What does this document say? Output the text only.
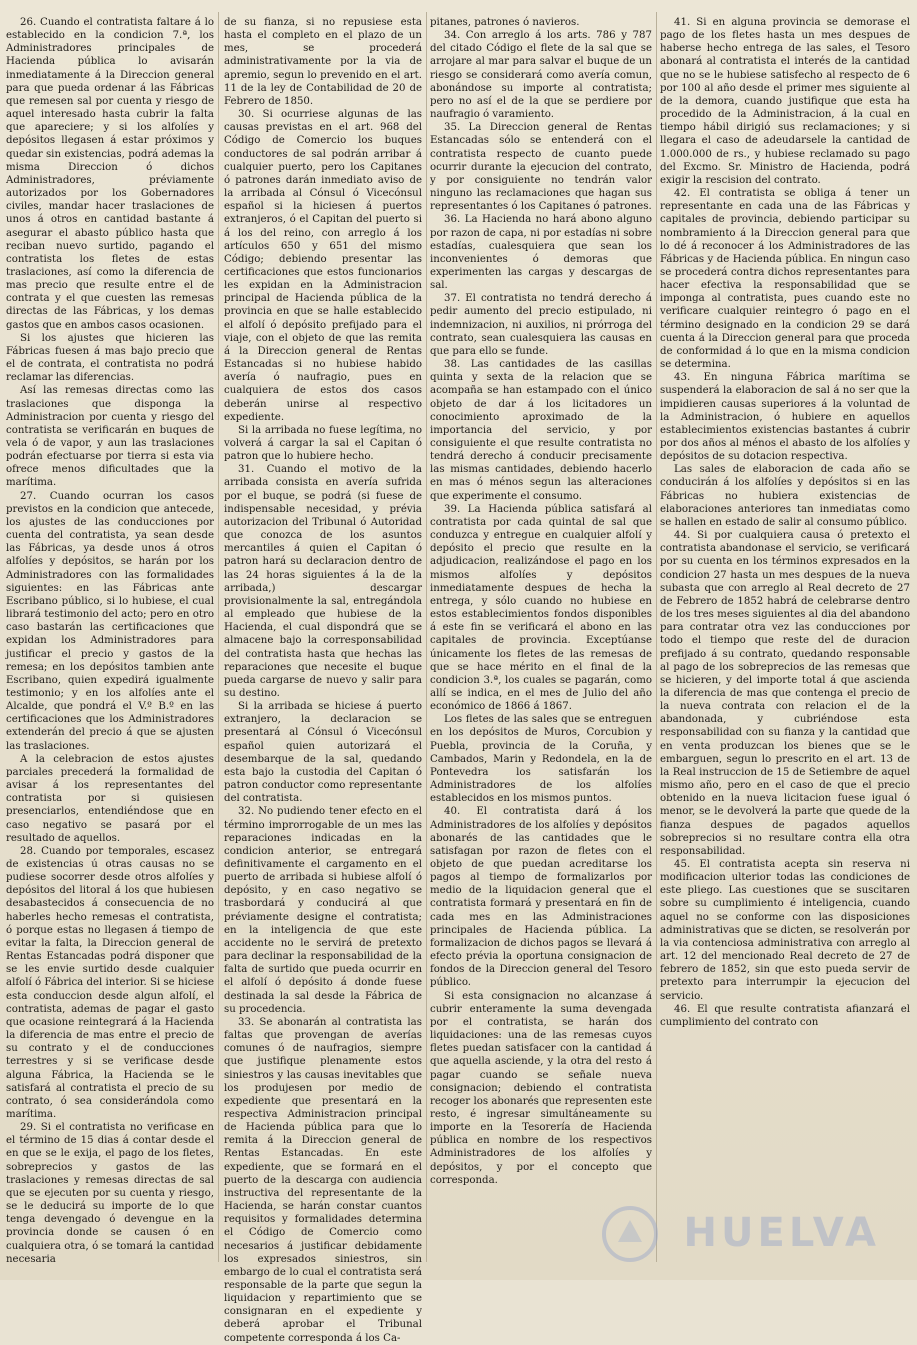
26. Cuando el contratista faltare á lo establecido en la condicion 7.ª, los Administradores principales de Hacienda pública lo avisarán inmediatamente á la Direccion general para que pueda ordenar á las Fábricas que remesen sal por cuenta y riesgo de aquel interesado hasta cubrir la falta que apareciere; y si los alfolíes y depósitos llegasen á estar próximos y quedar sin existencias, podrá ademas la misma Direccion ó dichos Administradores, préviamente autorizados por los Gobernadores civiles, mandar hacer traslaciones de unos á otros en cantidad bastante á asegurar el abasto público hasta que reciban nuevo surtido, pagando el contratista los fletes de estas traslaciones, así como la diferencia de mas precio que resulte entre el de contrata y el que cuesten las remesas directas de las Fábricas, y los demas gastos que en ambos casos ocasionen.

Si los ajustes que hicieren las Fábricas fuesen á mas bajo precio que el de contrata, el contratista no podrá reclamar las diferencias.

Así las remesas directas como las traslaciones que disponga la Administracion por cuenta y riesgo del contratista se verificarán en buques de vela ó de vapor, y aun las traslaciones podrán efectuarse por tierra si esta via ofrece menos dificultades que la marítima.

27. Cuando ocurran los casos previstos en la condicion que antecede, los ajustes de las conducciones por cuenta del contratista, ya sean desde las Fábricas, ya desde unos á otros alfolíes y depósitos, se harán por los Administradores con las formalidades siguientes: en las Fábricas ante Escribano público, si lo hubiese, el cual librará testimonio del acto; pero en otro caso bastarán las certificaciones que expidan los Administradores para justificar el precio y gastos de la remesa; en los depósitos tambien ante Escribano, quien expedirá igualmente testimonio; y en los alfolíes ante el Alcalde, que pondrá el V.º B.º en las certificaciones que los Administradores extenderán del precio á que se ajusten las traslaciones.

A la celebracion de estos ajustes parciales precederá la formalidad de avisar á los representantes del contratista por si quisiesen presenciarlos, entendiéndose que en caso negativo se pasará por el resultado de aquellos.

28. Cuando por temporales, escasez de existencias ú otras causas no se pudiese socorrer desde otros alfolíes y depósitos del litoral á los que hubiesen desabastecidos á consecuencia de no haberles hecho remesas el contratista, ó porque estas no llegasen á tiempo de evitar la falta, la Direccion general de Rentas Estancadas podrá disponer que se les envie surtido desde cualquier alfolí ó Fábrica del interior. Si se hiciese esta conduccion desde algun alfolí, el contratista, ademas de pagar el gasto que ocasione reintegrará á la Hacienda la diferencia de mas entre el precio de su contrato y el de conducciones terrestres y si se verificase desde alguna Fábrica, la Hacienda se le satisfará al contratista el precio de su contrato, ó sea considerándola como marítima.

29. Si el contratista no verificase en el término de 15 dias á contar desde el en que se le exija, el pago de los fletes, sobreprecios y gastos de las traslaciones y remesas directas de sal que se ejecuten por su cuenta y riesgo, se le deducirá su importe de lo que tenga devengado ó devengue en la provincia donde se causen ó en cualquiera otra, ó se tomará la cantidad necesaria

de su fianza, si no repusiese esta hasta el completo en el plazo de un mes, se procederá administrativamente por la via de apremio, segun lo prevenido en el art. 11 de la ley de Contabilidad de 20 de Febrero de 1850.

30. Si ocurriese algunas de las causas previstas en el art. 968 del Código de Comercio los buques conductores de sal podrán arribar á cualquier puerto, pero los Capitanes ó patrones darán inmediato aviso de la arribada al Cónsul ó Vicecónsul español si la hiciesen á puertos extranjeros, ó el Capitan del puerto si á los del reino, con arreglo á los artículos 650 y 651 del mismo Código; debiendo presentar las certificaciones que estos funcionarios les expidan en la Administracion principal de Hacienda pública de la provincia en que se halle establecido el alfolí ó depósito prefijado para el viaje, con el objeto de que las remita á la Direccion general de Rentas Estancadas si no hubiese habido avería ó naufragio, pues en cualquiera de estos dos casos deberán unirse al respectivo expediente.

Si la arribada no fuese legítima, no volverá á cargar la sal el Capitan ó patron que lo hubiere hecho.

31. Cuando el motivo de la arribada consista en avería sufrida por el buque, se podrá (si fuese de indispensable necesidad, y prévia autorizacion del Tribunal ó Autoridad que conozca de los asuntos mercantiles á quien el Capitan ó patron hará su declaracion dentro de las 24 horas siguientes á la de la arribada,) descargar provisionalmente la sal, entregándola al empleado que hubiese de la Hacienda, el cual dispondrá que se almacene bajo la corresponsabilidad del contratista hasta que hechas las reparaciones que necesite el buque pueda cargarse de nuevo y salir para su destino.

Si la arribada se hiciese á puerto extranjero, la declaracion se presentará al Cónsul ó Vicecónsul español quien autorizará el desembarque de la sal, quedando esta bajo la custodia del Capitan ó patron conductor como representante del contratista.

32. No pudiendo tener efecto en el término improrrogable de un mes las reparaciones indicadas en la condicion anterior, se entregará definitivamente el cargamento en el puerto de arribada si hubiese alfolí ó depósito, y en caso negativo se trasbordará y conducirá al que préviamente designe el contratista; en la inteligencia de que este accidente no le servirá de pretexto para declinar la responsabilidad de la falta de surtido que pueda ocurrir en el alfolí ó depósito á donde fuese destinada la sal desde la Fábrica de su procedencia.

33. Se abonarán al contratista las faltas que provengan de averías comunes ó de naufragios, siempre que justifique plenamente estos siniestros y las causas inevitables que los produjesen por medio de expediente que presentará en la respectiva Administracion principal de Hacienda pública para que lo remita á la Direccion general de Rentas Estancadas. En este expediente, que se formará en el puerto de la descarga con audiencia instructiva del representante de la Hacienda, se harán constar cuantos requisitos y formalidades determina el Código de Comercio como necesarios á justificar debidamente los expresados siniestros, sin embargo de lo cual el contratista será responsable de la parte que segun la liquidacion y repartimiento que se consignaran en el expediente y deberá aprobar el Tribunal competente corresponda á los Ca-

pitanes, patrones ó navieros.

34. Con arreglo á los arts. 786 y 787 del citado Código el flete de la sal que se arrojare al mar para salvar el buque de un riesgo se considerará como avería comun, abonándose su importe al contratista; pero no así el de la que se perdiere por naufragio ó varamiento.

35. La Direccion general de Rentas Estancadas sólo se entenderá con el contratista respecto de cuanto puede ocurrir durante la ejecucion del contrato, y por consiguiente no tendrán valor ninguno las reclamaciones que hagan sus representantes ó los Capitanes ó patrones.

36. La Hacienda no hará abono alguno por razon de capa, ni por estadías ni sobre estadías, cualesquiera que sean los inconvenientes ó demoras que experimenten las cargas y descargas de sal.

37. El contratista no tendrá derecho á pedir aumento del precio estipulado, ni indemnizacion, ni auxilios, ni prórroga del contrato, sean cualesquiera las causas en que para ello se funde.

38. Las cantidades de las casillas quinta y sexta de la relacion que se acompaña se han estampado con el único objeto de dar á los licitadores un conocimiento aproximado de la importancia del servicio, y por consiguiente el que resulte contratista no tendrá derecho á conducir precisamente las mismas cantidades, debiendo hacerlo en mas ó ménos segun las alteraciones que experimente el consumo.

39. La Hacienda pública satisfará al contratista por cada quintal de sal que conduzca y entregue en cualquier alfolí y depósito el precio que resulte en la adjudicacion, realizándose el pago en los mismos alfolíes y depósitos inmediatamente despues de hecha la entrega, y sólo cuando no hubiese en estos establecimientos fondos disponibles á este fin se verificará el abono en las capitales de provincia. Exceptúanse únicamente los fletes de las remesas de que se hace mérito en el final de la condicion 3.ª, los cuales se pagarán, como allí se indica, en el mes de Julio del año económico de 1866 á 1867.

Los fletes de las sales que se entreguen en los depósitos de Muros, Corcubion y Puebla, provincia de la Coruña, y Cambados, Marin y Redondela, en la de Pontevedra los satisfarán los Administradores de los alfolíes establecidos en los mismos puntos.

40. El contratista dará á los Administradores de los alfolíes y depósitos abonarés de las cantidades que le satisfagan por razon de fletes con el objeto de que puedan acreditarse los pagos al tiempo de formalizarlos por medio de la liquidacion general que el contratista formará y presentará en fin de cada mes en las Administraciones principales de Hacienda pública. La formalizacion de dichos pagos se llevará á efecto prévia la oportuna consignacion de fondos de la Direccion general del Tesoro público.

Si esta consignacion no alcanzase á cubrir enteramente la suma devengada por el contratista, se harán dos liquidaciones: una de las remesas cuyos fletes puedan satisfacer con la cantidad á que aquella asciende, y la otra del resto á pagar cuando se señale nueva consignacion; debiendo el contratista recoger los abonarés que representen este resto, é ingresar simultáneamente su importe en la Tesorería de Hacienda pública en nombre de los respectivos Administradores de los alfolíes y depósitos, y por el concepto que corresponda.

41. Si en alguna provincia se demorase el pago de los fletes hasta un mes despues de haberse hecho entrega de las sales, el Tesoro abonará al contratista el interés de la cantidad que no se le hubiese satisfecho al respecto de 6 por 100 al año desde el primer mes siguiente al de la demora, cuando justifique que esta ha procedido de la Administracion, á la cual en tiempo hábil dirigió sus reclamaciones; y si llegara el caso de adeudarsele la cantidad de 1.000.000 de rs., y hubiese reclamado su pago del Excmo. Sr. Ministro de Hacienda, podrá exigir la rescision del contrato.

42. El contratista se obliga á tener un representante en cada una de las Fábricas y capitales de provincia, debiendo participar su nombramiento á la Direccion general para que lo dé á reconocer á los Administradores de las Fábricas y de Hacienda pública. En ningun caso se procederá contra dichos representantes para hacer efectiva la responsabilidad que se imponga al contratista, pues cuando este no verificare cualquier reintegro ó pago en el término designado en la condicion 29 se dará cuenta á la Direccion general para que proceda de conformidad á lo que en la misma condicion se determina.

43. En ninguna Fábrica marítima se suspenderá la elaboracion de sal á no ser que la impidieren causas superiores á la voluntad de la Administracion, ó hubiere en aquellos establecimientos existencias bastantes á cubrir por dos años al ménos el abasto de los alfolíes y depósitos de su dotacion respectiva.

Las sales de elaboracion de cada año se conducirán á los alfolíes y depósitos si en las Fábricas no hubiera existencias de elaboraciones anteriores tan inmediatas como se hallen en estado de salir al consumo público.

44. Si por cualquiera causa ó pretexto el contratista abandonase el servicio, se verificará por su cuenta en los términos expresados en la condicion 27 hasta un mes despues de la nueva subasta que con arreglo al Real decreto de 27 de Febrero de 1852 habrá de celebrarse dentro de los tres meses siguientes al dia del abandono para contratar otra vez las conducciones por todo el tiempo que reste del de duracion prefijado á su contrato, quedando responsable al pago de los sobreprecios de las remesas que se hicieren, y del importe total á que ascienda la diferencia de mas que contenga el precio de la nueva contrata con relacion el de la abandonada, y cubriéndose esta responsabilidad con su fianza y la cantidad que en venta produzcan los bienes que se le embarguen, segun lo prescrito en el art. 13 de la Real instruccion de 15 de Setiembre de aquel mismo año, pero en el caso de que el precio obtenido en la nueva licitacion fuese igual ó menor, se le devolverá la parte que quede de la fianza despues de pagados aquellos sobreprecios si no resultare contra ella otra responsabilidad.

45. El contratista acepta sin reserva ni modificacion ulterior todas las condiciones de este pliego. Las cuestiones que se suscitaren sobre su cumplimiento é inteligencia, cuando aquel no se conforme con las disposiciones administrativas que se dicten, se resolverán por la via contenciosa administrativa con arreglo al art. 12 del mencionado Real decreto de 27 de febrero de 1852, sin que esto pueda servir de pretexto para interrumpir la ejecucion del servicio.

46. El que resulte contratista afianzará el cumplimiento del contrato con

HUELVA
